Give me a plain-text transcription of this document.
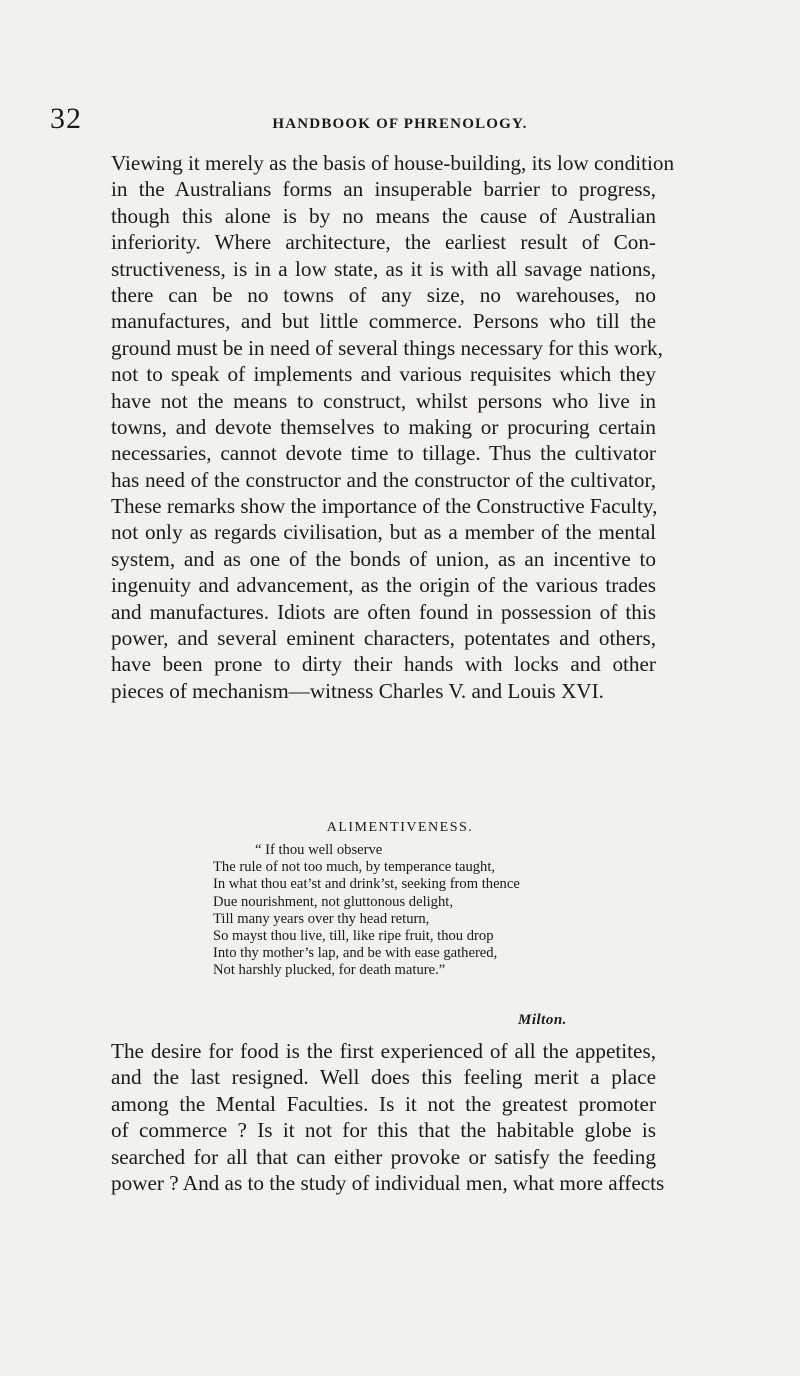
32	HANDBOOK OF PHRENOLOGY.
Viewing it merely as the basis of house-building, its low condition
in the Australians forms an insuperable barrier to progress,
though this alone is by no means the cause of Australian
inferiority. Where architecture, the earliest result of Con-
structiveness, is in a low state, as it is with all savage nations,
there can be no towns of any size, no warehouses, no
manufactures, and but little commerce. Persons who till the
ground must be in need of several things necessary for this work,
not to speak of implements and various requisites which they
have not the means to construct, whilst persons who live in
towns, and devote themselves to making or procuring certain
necessaries, cannot devote time to tillage. Thus the cultivator
has need of the constructor and the constructor of the cultivator,
These remarks show the importance of the Constructive Faculty,
not only as regards civilisation, but as a member of the mental
system, and as one of the bonds of union, as an incentive to
ingenuity and advancement, as the origin of the various trades
and manufactures. Idiots are often found in possession of this
power, and several eminent characters, potentates and others,
have been prone to dirty their hands with locks and other
pieces of mechanism—witness Charles V. and Louis XVI.
ALIMENTIVENESS.
“ If thou well observe
The rule of not too much, by temperance taught,
In what thou eat’st and drink’st, seeking from thence
Due nourishment, not gluttonous delight,
Till many years over thy head return,
So mayst thou live, till, like ripe fruit, thou drop
Into thy mother’s lap, and be with ease gathered,
Not harshly plucked, for death mature.”
Milton.
The desire for food is the first experienced of all the appetites,
and the last resigned. Well does this feeling merit a place
among the Mental Faculties. Is it not the greatest promoter
of commerce ? Is it not for this that the habitable globe is
searched for all that can either provoke or satisfy the feeding
power ? And as to the study of individual men, what more affects
